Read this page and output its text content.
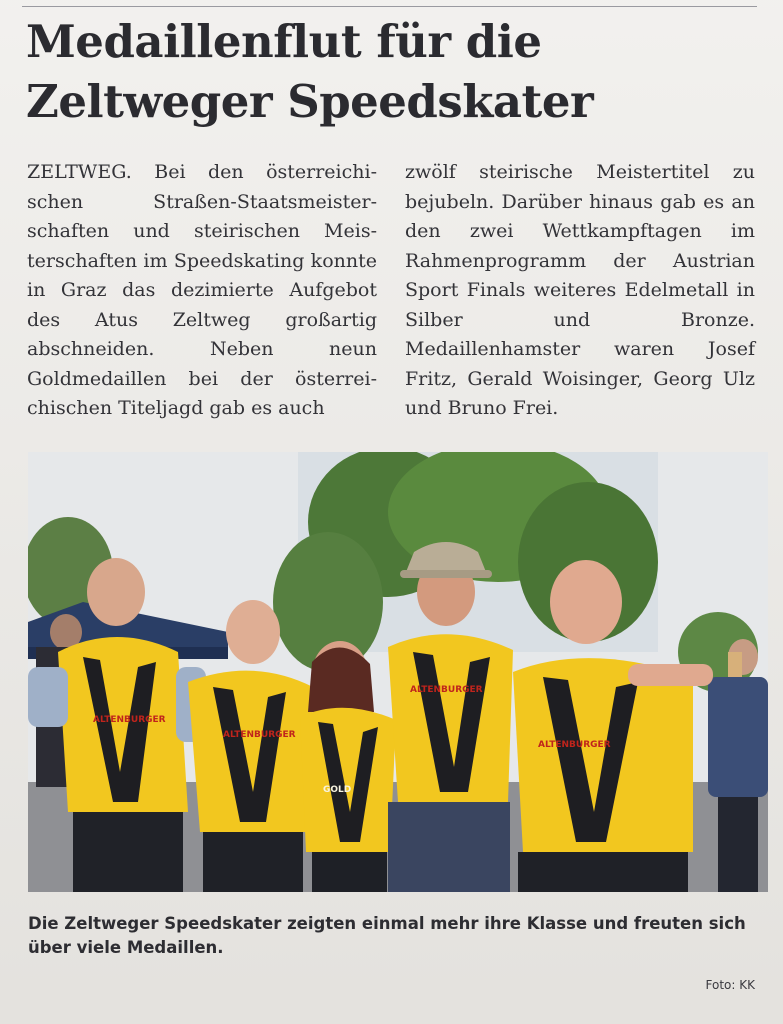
Medaillenflut für die
Zeltweger Speedskater

ZELTWEG. Bei den österreichischen Straßen-Staatsmeisterschaften und steirischen Meisterschaften im Speedskating konnte in Graz das dezimierte Aufgebot des Atus Zeltweg großartig abschneiden. Neben neun Goldmedaillen bei der österreichischen Titeljagd gab es auch

zwölf steirische Meistertitel zu bejubeln. Darüber hinaus gab es an den zwei Wettkampftagen im Rahmenprogramm der Austrian Sport Finals weiteres Edelmetall in Silber und Bronze. Medaillenhamster waren Josef Fritz, Gerald Woisinger, Georg Ulz und Bruno Frei.

ALTENBURGER
ALTENBURGER
GOLD
ALTENBURGER
ALTENBURGER

Die Zeltweger Speedskater zeigten einmal mehr ihre Klasse und freuten sich über viele Medaillen.

Foto: KK
